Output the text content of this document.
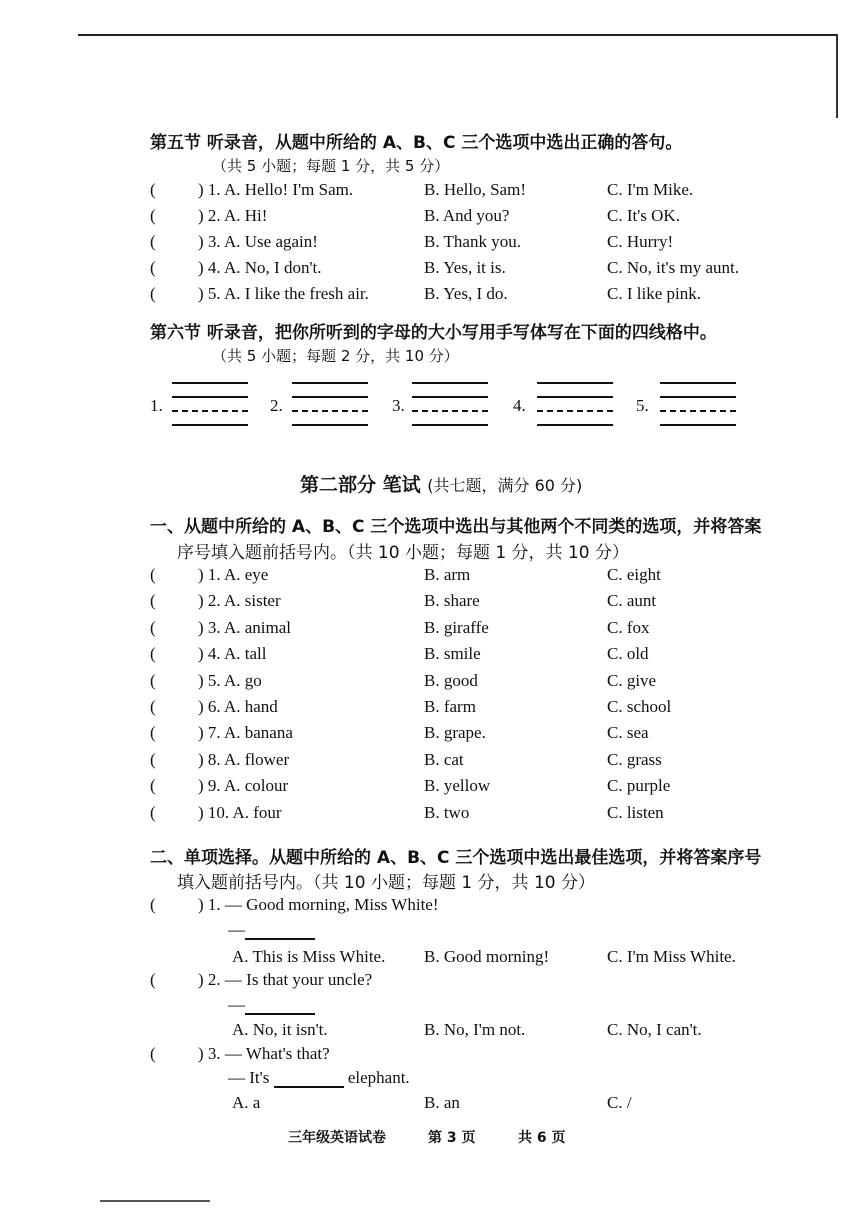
第五节 听录音，从题中所给的 A、B、C 三个选项中选出正确的答句。
（共 5 小题；每题 1 分，共 5 分）
( ) 1. A. Hello! I'm Sam.	B. Hello, Sam!	C. I'm Mike.
( ) 2. A. Hi!	B. And you?	C. It's OK.
( ) 3. A. Use again!	B. Thank you.	C. Hurry!
( ) 4. A. No, I don't.	B. Yes, it is.	C. No, it's my aunt.
( ) 5. A. I like the fresh air.	B. Yes, I do.	C. I like pink.
第六节 听录音，把你所听到的字母的大小写用手写体写在下面的四线格中。
（共 5 小题；每题 2 分，共 10 分）
1.	2.	3.	4.	5.
第二部分 笔试 (共七题，满分 60 分)
一、从题中所给的 A、B、C 三个选项中选出与其他两个不同类的选项，并将答案
序号填入题前括号内。（共 10 小题；每题 1 分，共 10 分）
( ) 1. A. eye	B. arm	C. eight
( ) 2. A. sister	B. share	C. aunt
( ) 3. A. animal	B. giraffe	C. fox
( ) 4. A. tall	B. smile	C. old
( ) 5. A. go	B. good	C. give
( ) 6. A. hand	B. farm	C. school
( ) 7. A. banana	B. grape.	C. sea
( ) 8. A. flower	B. cat	C. grass
( ) 9. A. colour	B. yellow	C. purple
( ) 10. A. four	B. two	C. listen
二、单项选择。从题中所给的 A、B、C 三个选项中选出最佳选项，并将答案序号
填入题前括号内。（共 10 小题；每题 1 分，共 10 分）
( ) 1. — Good morning, Miss White!
—
A. This is Miss White. B. Good morning!	C. I'm Miss White.
( ) 2. — Is that your uncle?
—
A. No, it isn't.	B. No, I'm not.	C. No, I can't.
( ) 3. — What's that?
— It's	elephant.
A. a	B. an	C. /
三年级英语试卷	第 3 页	共 6 页
